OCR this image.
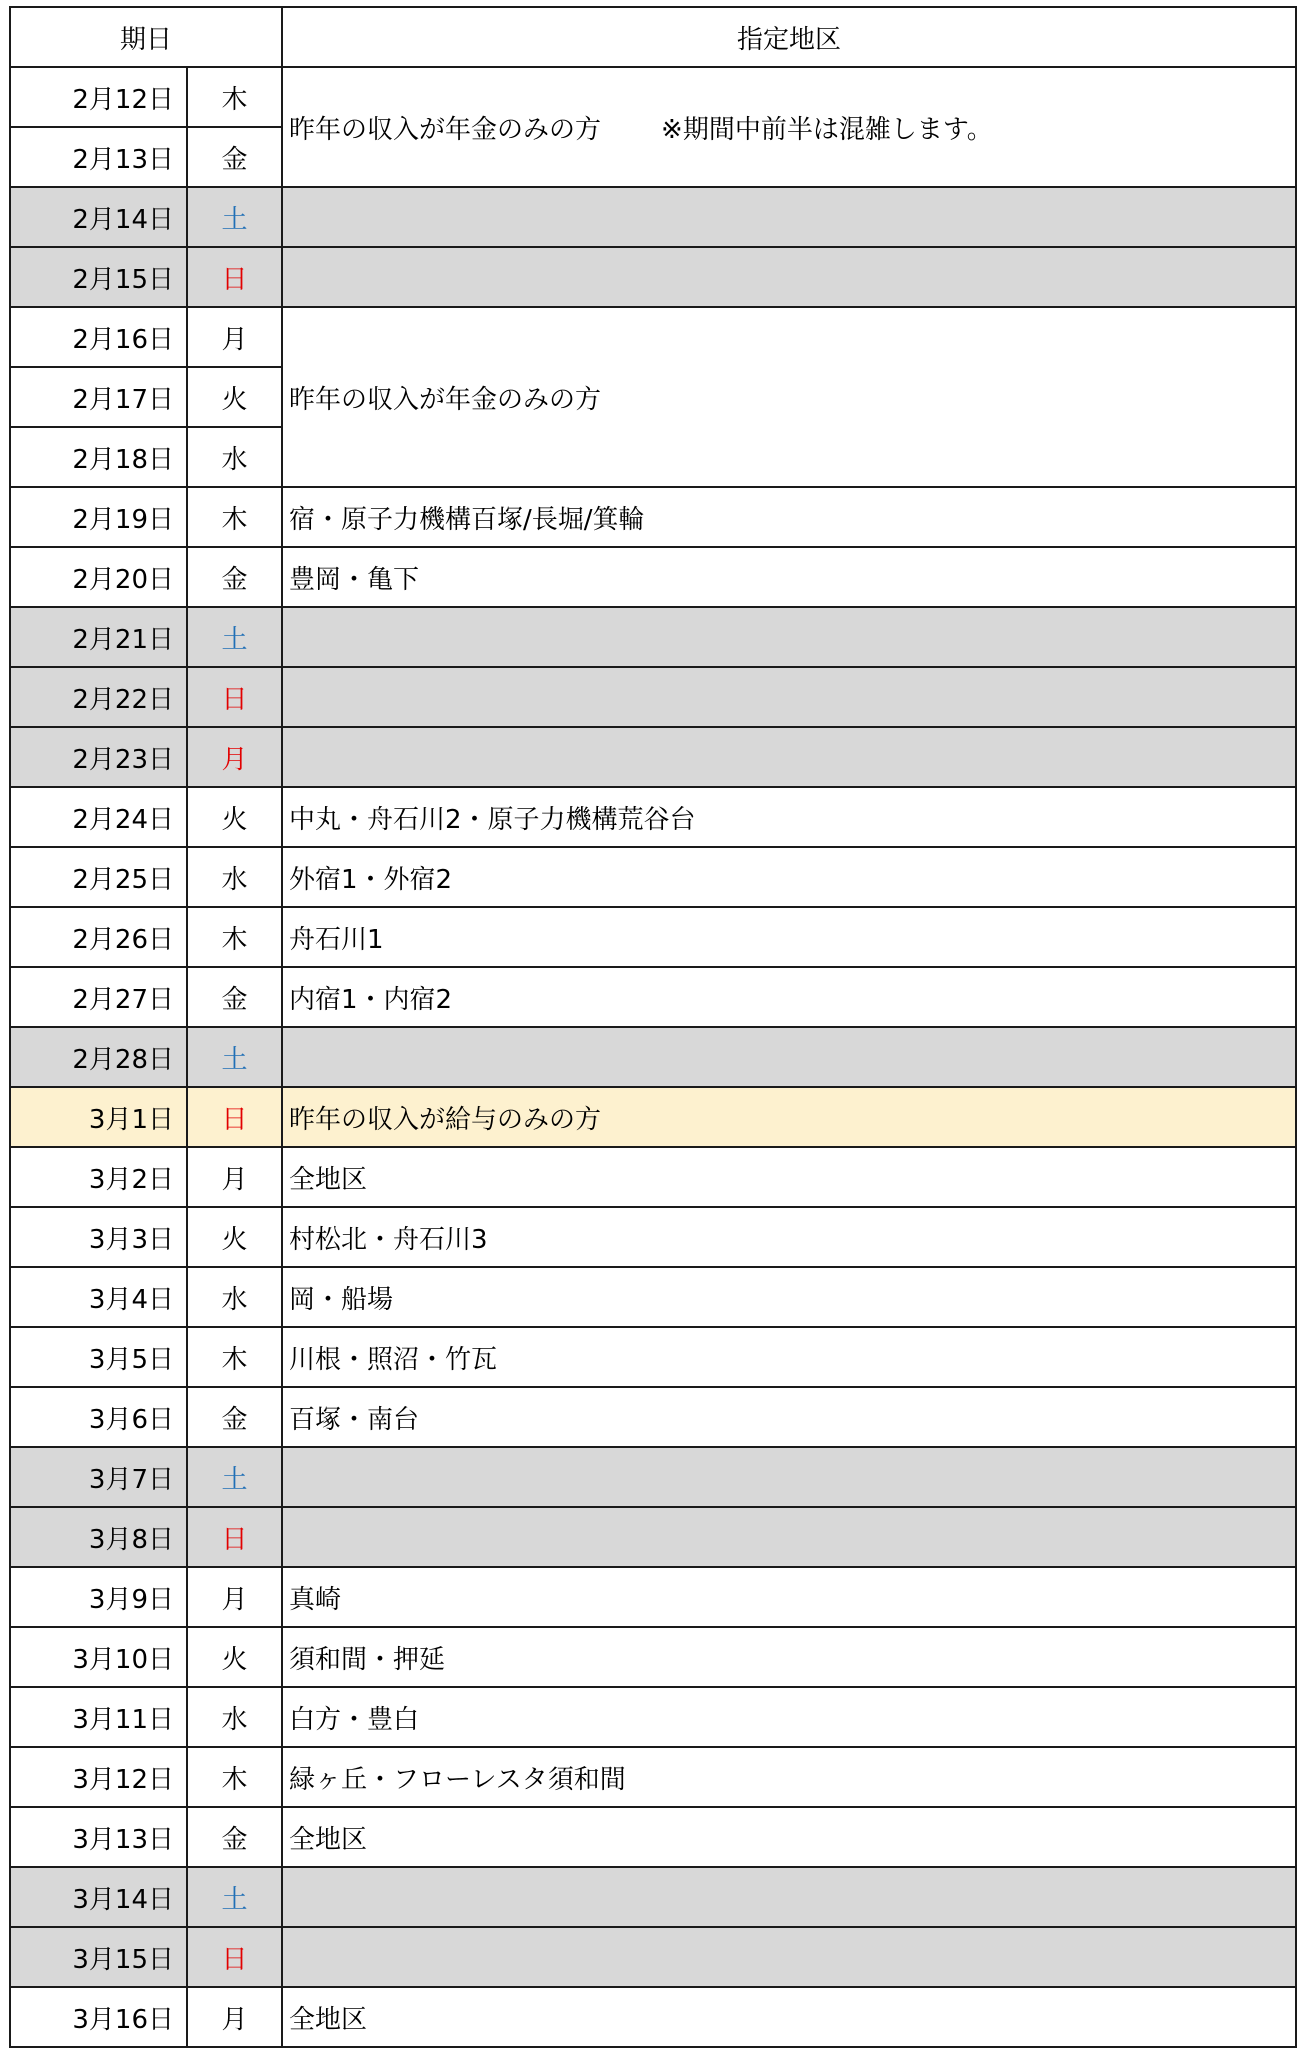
期日		指定地区
2月12日	木	昨年の収入が年金のみの方 ※期間中前半は混雑します。
2月13日	金	
2月14日	土	
2月15日	日	
2月16日	月	昨年の収入が年金のみの方
2月17日	火	
2月18日	水	
2月19日	木	宿・原子力機構百塚/長堀/箕輪
2月20日	金	豊岡・亀下
2月21日	土	
2月22日	日	
2月23日	月	
2月24日	火	中丸・舟石川2・原子力機構荒谷台
2月25日	水	外宿1・外宿2
2月26日	木	舟石川1
2月27日	金	内宿1・内宿2
2月28日	土	
3月1日	日	昨年の収入が給与のみの方
3月2日	月	全地区
3月3日	火	村松北・舟石川3
3月4日	水	岡・船場
3月5日	木	川根・照沼・竹瓦
3月6日	金	百塚・南台
3月7日	土	
3月8日	日	
3月9日	月	真崎
3月10日	火	須和間・押延
3月11日	水	白方・豊白
3月12日	木	緑ヶ丘・フローレスタ須和間
3月13日	金	全地区
3月14日	土	
3月15日	日	
3月16日	月	全地区
